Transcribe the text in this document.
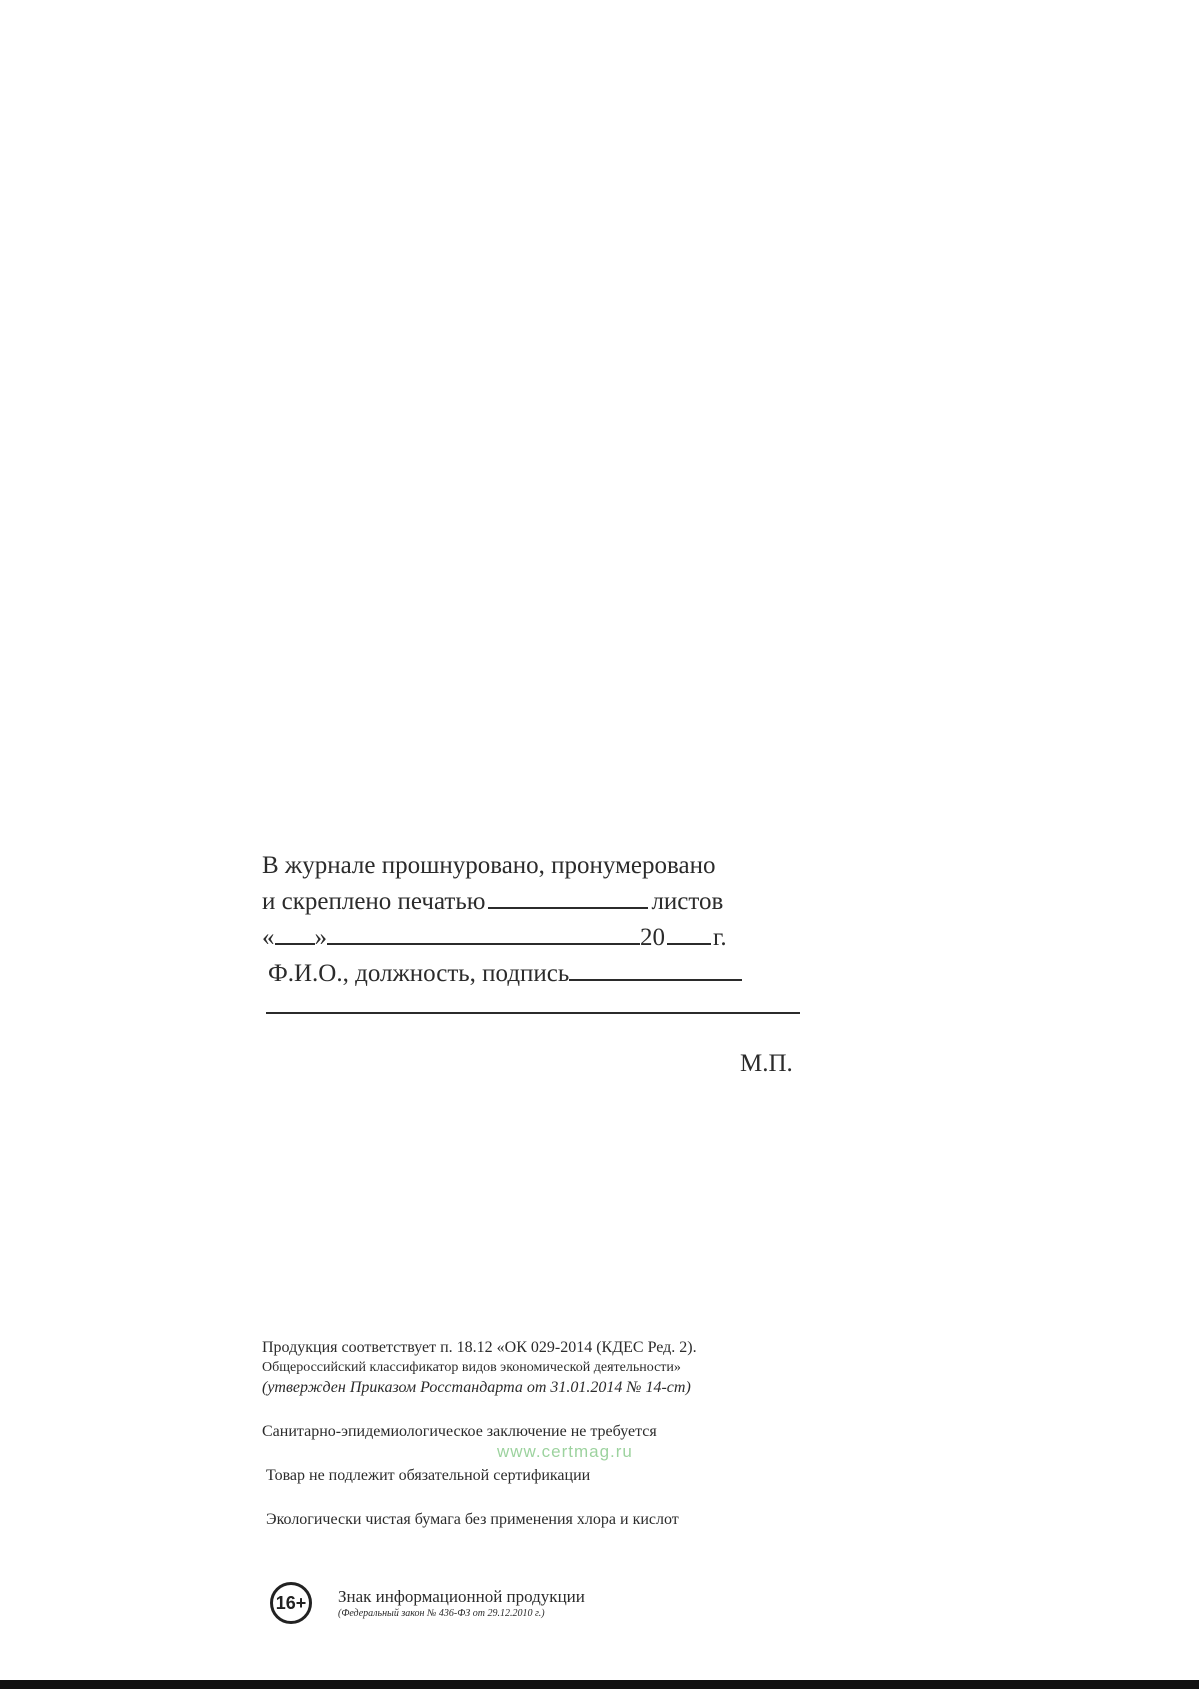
В журнале прошнуровано, пронумеровано
и скреплено печатью	листов
« »	20 г.
Ф.И.О., должность, подпись
М.П.
Продукция соответствует п. 18.12 «ОК 029-2014 (КДЕС Ред. 2).
Общероссийский классификатор видов экономической деятельности»
(утвержден Приказом Росстандарта от 31.01.2014 № 14-ст)
Санитарно-эпидемиологическое заключение не требуется
Товар не подлежит обязательной сертификации
Экологически чистая бумага без применения хлора и кислот
www.certmag.ru
16+	Знак информационной продукции
(Федеральный закон № 436-ФЗ от 29.12.2010 г.)
